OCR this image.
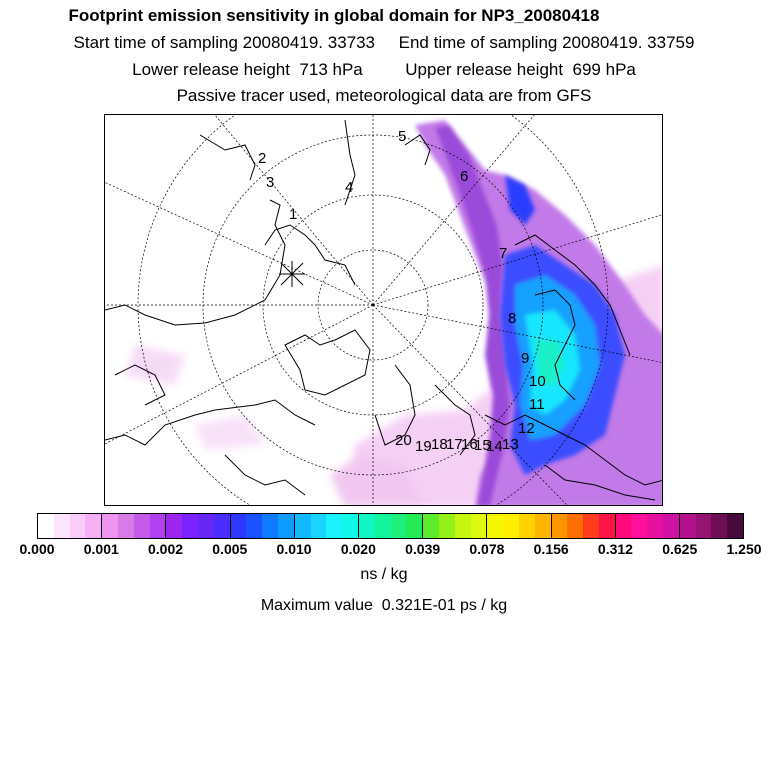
Footprint emission sensitivity in global domain for NP3_20080418
Start time of sampling 20080419. 33733     End time of sampling 20080419. 33759
Lower release height  713 hPa         Upper release height  699 hPa
Passive tracer used, meteorological data are from GFS
1
2
3	4
5
6
7
8
9
10
11
12
13
14
15
16
17
18
19
20
0.000 0.001 0.002 0.005 0.010 0.020 0.039 0.078 0.156 0.312 0.625 1.250
ns / kg
Maximum value  0.321E-01 ps / kg
